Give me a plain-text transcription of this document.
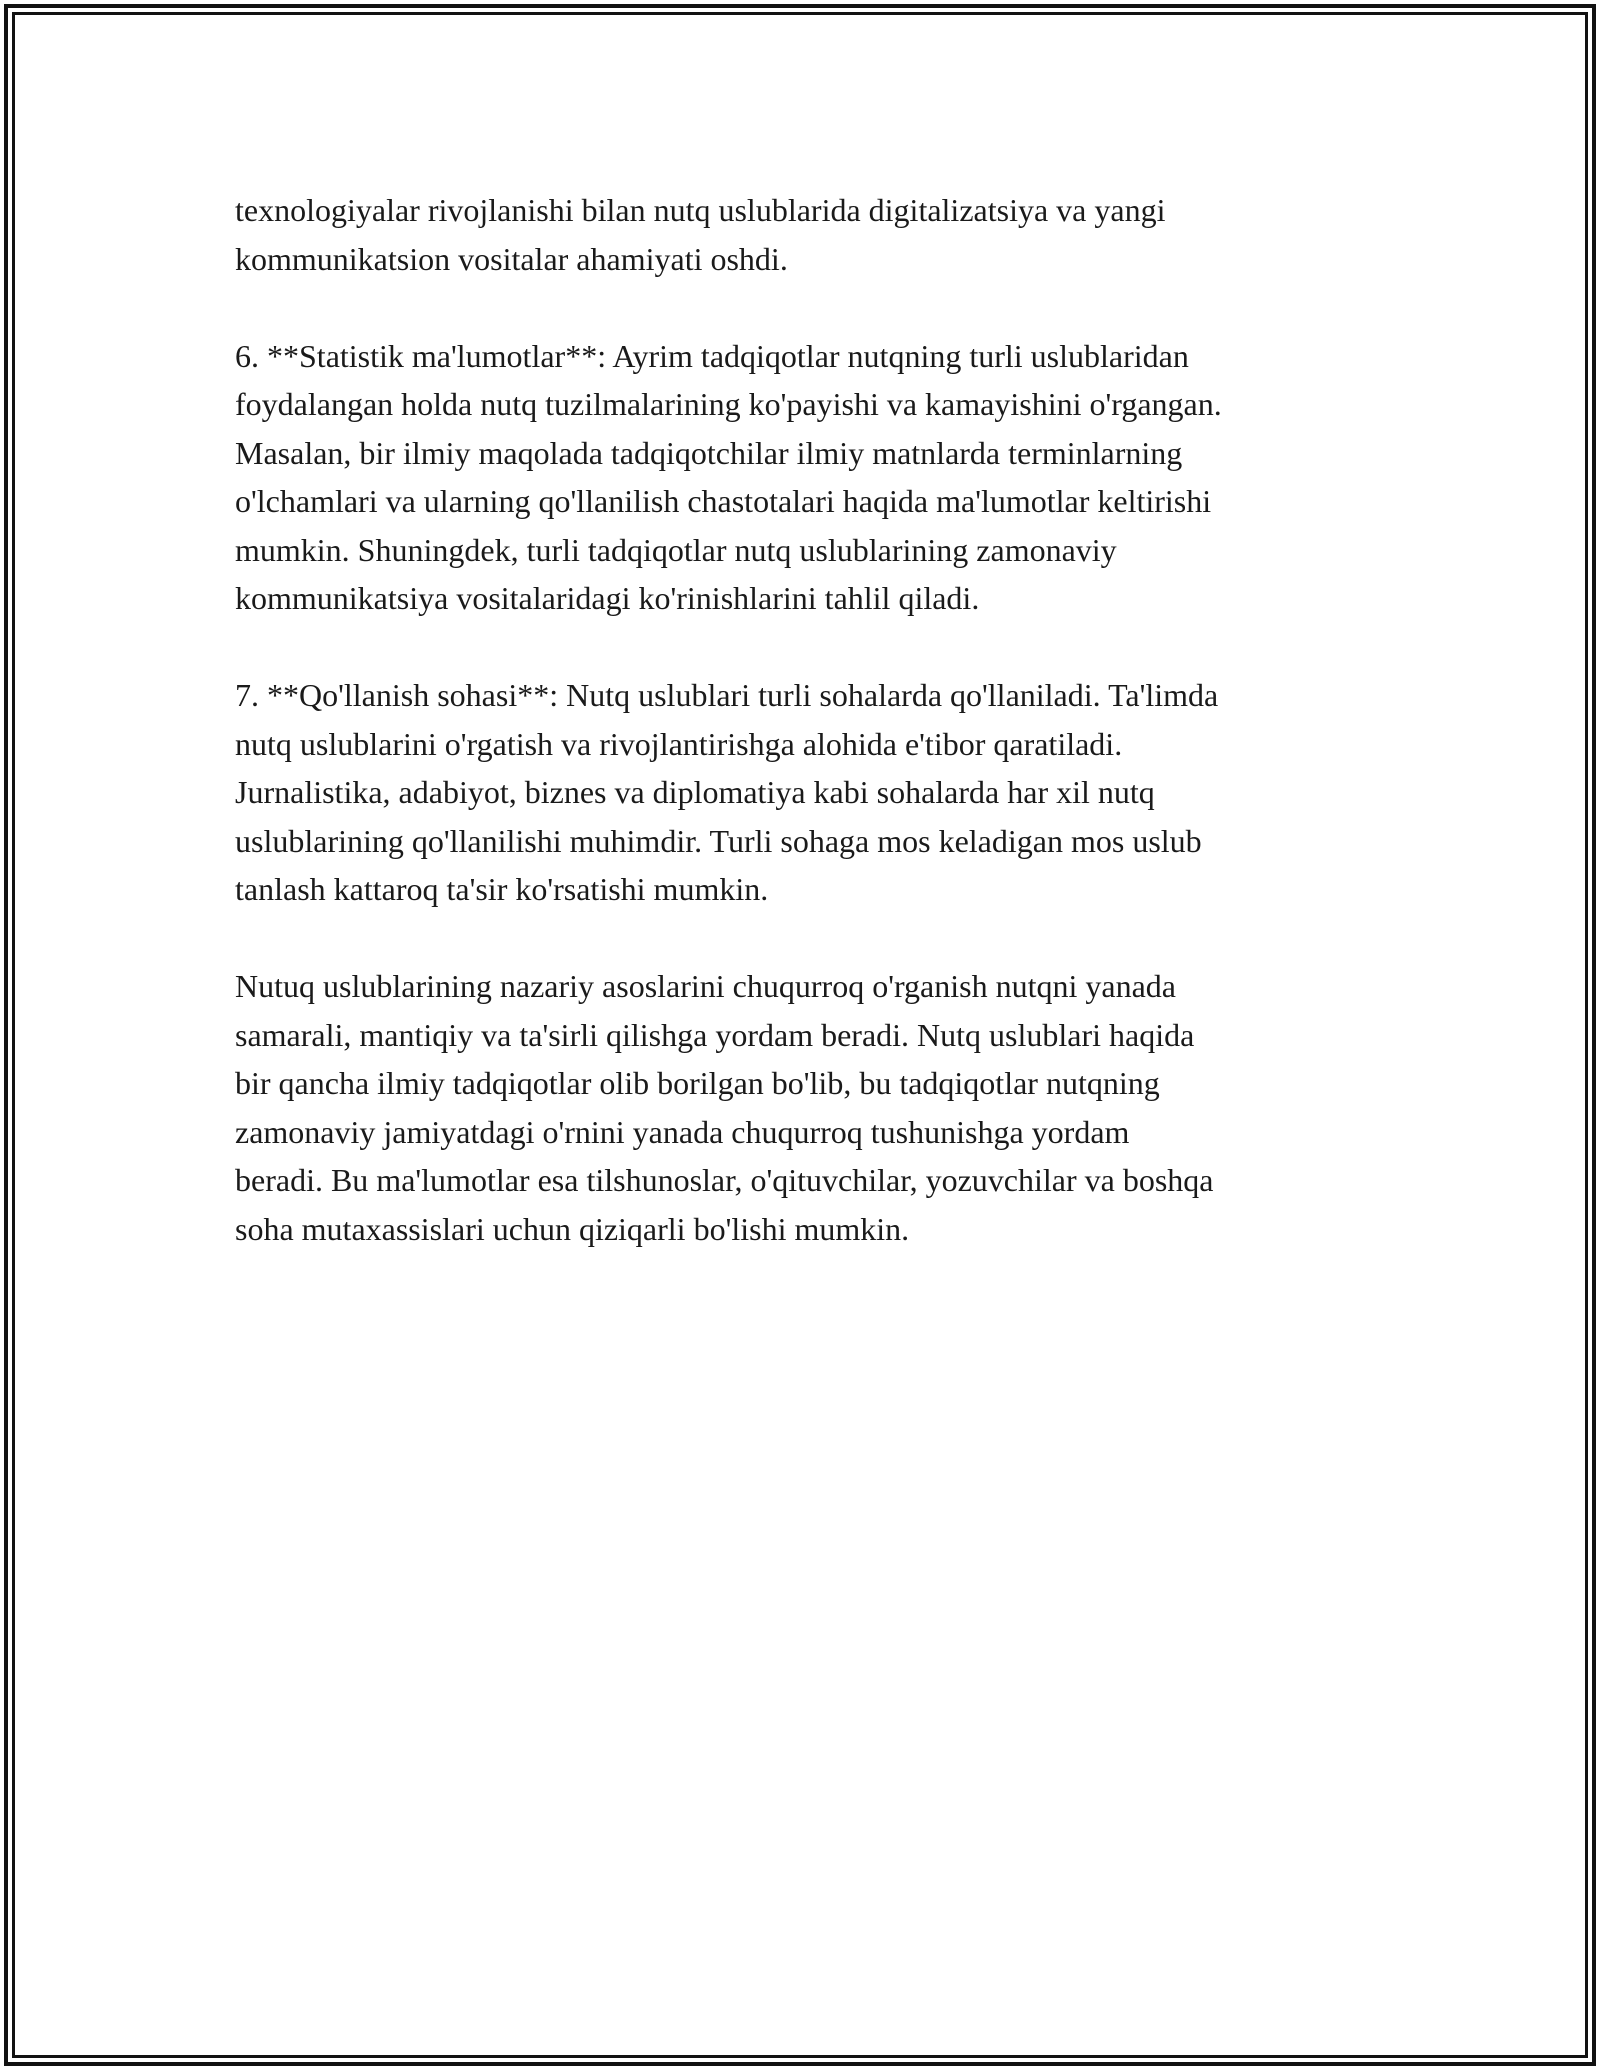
texnologiyalar rivojlanishi bilan nutq uslublarida digitalizatsiya va yangi
kommunikatsion vositalar ahamiyati oshdi.

6. **Statistik ma'lumotlar**: Ayrim tadqiqotlar nutqning turli uslublaridan
foydalangan holda nutq tuzilmalarining ko'payishi va kamayishini o'rgangan.
Masalan, bir ilmiy maqolada tadqiqotchilar ilmiy matnlarda terminlarning
o'lchamlari va ularning qo'llanilish chastotalari haqida ma'lumotlar keltirishi
mumkin. Shuningdek, turli tadqiqotlar nutq uslublarining zamonaviy
kommunikatsiya vositalaridagi ko'rinishlarini tahlil qiladi.

7. **Qo'llanish sohasi**: Nutq uslublari turli sohalarda qo'llaniladi. Ta'limda
nutq uslublarini o'rgatish va rivojlantirishga alohida e'tibor qaratiladi.
Jurnalistika, adabiyot, biznes va diplomatiya kabi sohalarda har xil nutq
uslublarining qo'llanilishi muhimdir. Turli sohaga mos keladigan mos uslub
tanlash kattaroq ta'sir ko'rsatishi mumkin.

Nutuq uslublarining nazariy asoslarini chuqurroq o'rganish nutqni yanada
samarali, mantiqiy va ta'sirli qilishga yordam beradi. Nutq uslublari haqida
bir qancha ilmiy tadqiqotlar olib borilgan bo'lib, bu tadqiqotlar nutqning
zamonaviy jamiyatdagi o'rnini yanada chuqurroq tushunishga yordam
beradi. Bu ma'lumotlar esa tilshunoslar, o'qituvchilar, yozuvchilar va boshqa
soha mutaxassislari uchun qiziqarli bo'lishi mumkin.
